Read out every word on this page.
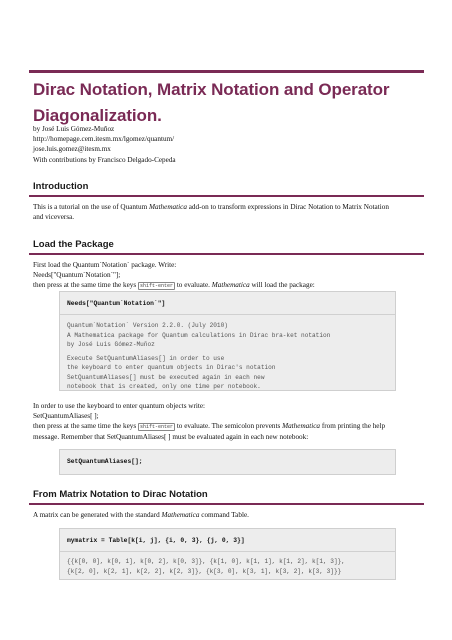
Dirac Notation, Matrix Notation and Operator
Diagonalization.
by José Luis Gómez-Muñoz
http://homepage.cem.itesm.mx/lgomez/quantum/
jose.luis.gomez@itesm.mx
With contributions by Francisco Delgado-Cepeda
Introduction
This is a tutorial on the use of Quantum Mathematica add-on to transform expressions in Dirac Notation to Matrix Notation
and viceversa.
Load the Package
First load the Quantum`Notation` package. Write:
Needs["Quantum`Notation`"];
then press at the same time the keys shift-enter to evaluate. Mathematica will load the package:
Needs["Quantum`Notation`"]
Quantum`Notation` Version 2.2.0. (July 2010)
A Mathematica package for Quantum calculations in Dirac bra-ket notation
by José Luis Gómez-Muñoz
Execute SetQuantumAliases[] in order to use
the keyboard to enter quantum objects in Dirac's notation
SetQuantumAliases[] must be executed again in each new
notebook that is created, only one time per notebook.
In order to use the keyboard to enter quantum objects write:
SetQuantumAliases[ ];
then press at the same time the keys shift-enter to evaluate. The semicolon prevents Mathematica from printing the help
message. Remember that SetQuantumAliases[ ] must be evaluated again in each new notebook:
SetQuantumAliases[];
From Matrix Notation to Dirac Notation
A matrix can be generated with the standard Mathematica command Table.
mymatrix = Table[k[i, j], {i, 0, 3}, {j, 0, 3}]
{{k[0, 0], k[0, 1], k[0, 2], k[0, 3]}, {k[1, 0], k[1, 1], k[1, 2], k[1, 3]},
{k[2, 0], k[2, 1], k[2, 2], k[2, 3]}, {k[3, 0], k[3, 1], k[3, 2], k[3, 3]}}
